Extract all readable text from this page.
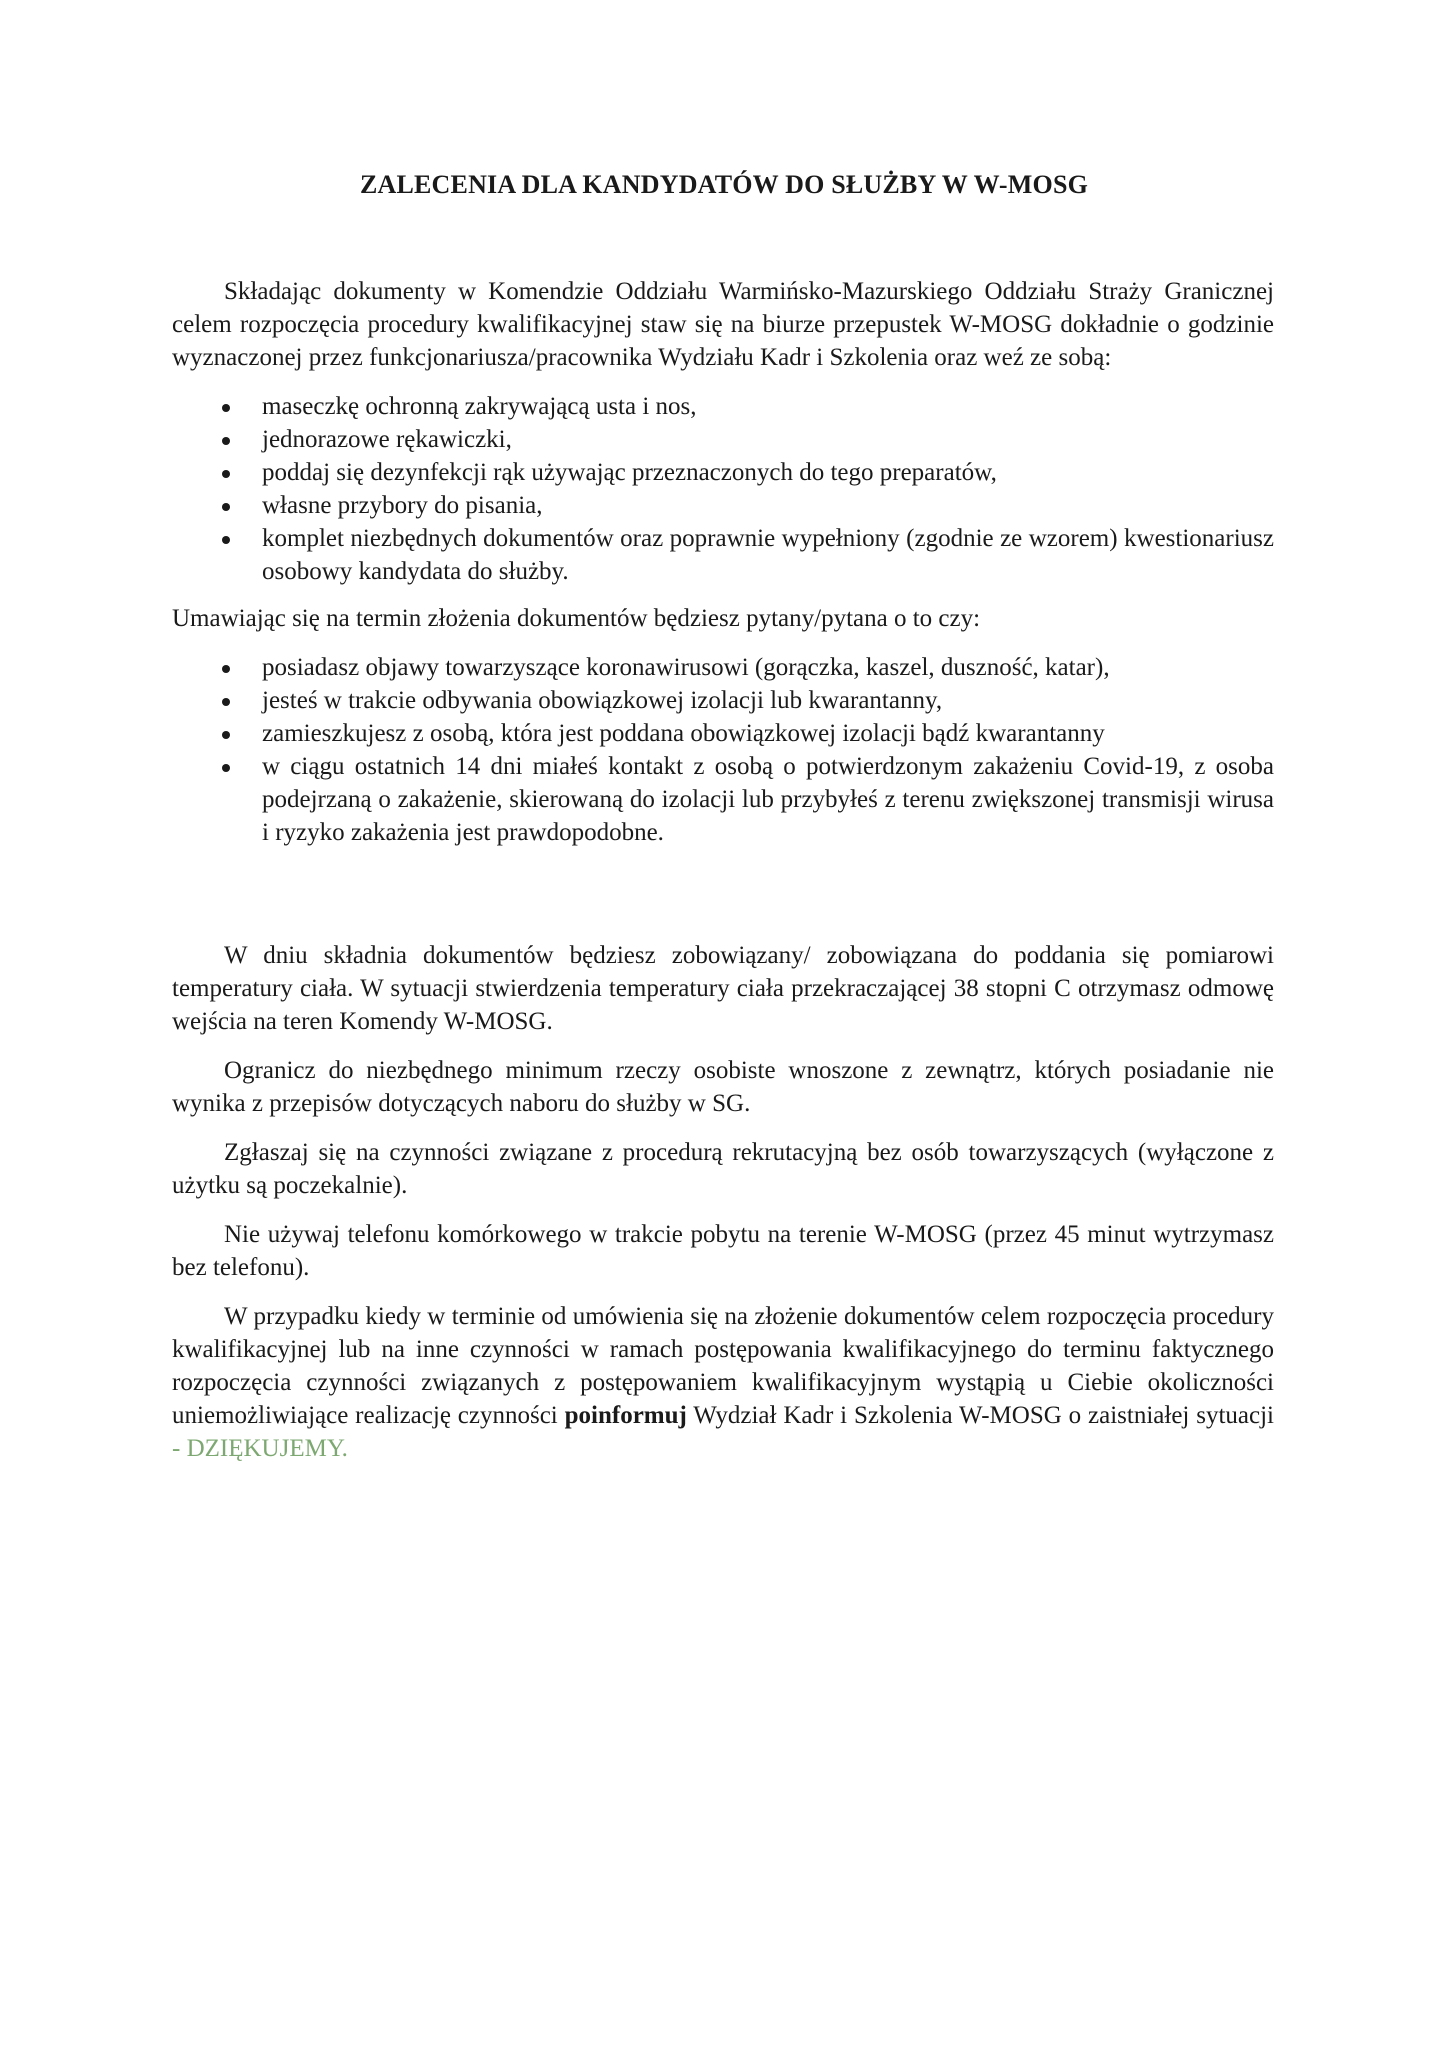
ZALECENIA DLA KANDYDATÓW DO SŁUŻBY W W-MOSG

Składając dokumenty w Komendzie Oddziału Warmińsko-Mazurskiego Oddziału Straży Granicznej celem rozpoczęcia procedury kwalifikacyjnej staw się na biurze przepustek W-MOSG dokładnie o godzinie wyznaczonej przez funkcjonariusza/pracownika Wydziału Kadr i Szkolenia oraz weź ze sobą:

maseczkę ochronną zakrywającą usta i nos,
jednorazowe rękawiczki,
poddaj się dezynfekcji rąk używając przeznaczonych do tego preparatów,
własne przybory do pisania,
komplet niezbędnych dokumentów oraz poprawnie wypełniony (zgodnie ze wzorem) kwestionariusz osobowy kandydata do służby.

Umawiając się na termin złożenia dokumentów będziesz pytany/pytana o to czy:

posiadasz objawy towarzyszące koronawirusowi (gorączka, kaszel, duszność, katar),
jesteś w trakcie odbywania obowiązkowej izolacji lub kwarantanny,
zamieszkujesz z osobą, która jest poddana obowiązkowej izolacji bądź kwarantanny
w ciągu ostatnich 14 dni miałeś kontakt z osobą o potwierdzonym zakażeniu Covid-19, z osoba podejrzaną o zakażenie, skierowaną do izolacji lub przybyłeś z terenu zwiększonej transmisji wirusa i ryzyko zakażenia jest prawdopodobne.

W dniu składnia dokumentów będziesz zobowiązany/ zobowiązana do poddania się pomiarowi temperatury ciała. W sytuacji stwierdzenia temperatury ciała przekraczającej 38 stopni C otrzymasz odmowę wejścia na teren Komendy W-MOSG.

Ogranicz do niezbędnego minimum rzeczy osobiste wnoszone z zewnątrz, których posiadanie nie wynika z przepisów dotyczących naboru do służby w SG.

Zgłaszaj się na czynności związane z procedurą rekrutacyjną bez osób towarzyszących (wyłączone z użytku są poczekalnie).

Nie używaj telefonu komórkowego w trakcie pobytu na terenie W-MOSG (przez 45 minut wytrzymasz bez telefonu).

W przypadku kiedy w terminie od umówienia się na złożenie dokumentów celem rozpoczęcia procedury kwalifikacyjnej lub na inne czynności w ramach postępowania kwalifikacyjnego do terminu faktycznego rozpoczęcia czynności związanych z postępowaniem kwalifikacyjnym wystąpią u Ciebie okoliczności uniemożliwiające realizację czynności poinformuj Wydział Kadr i Szkolenia W-MOSG o zaistniałej sytuacji - DZIĘKUJEMY.
